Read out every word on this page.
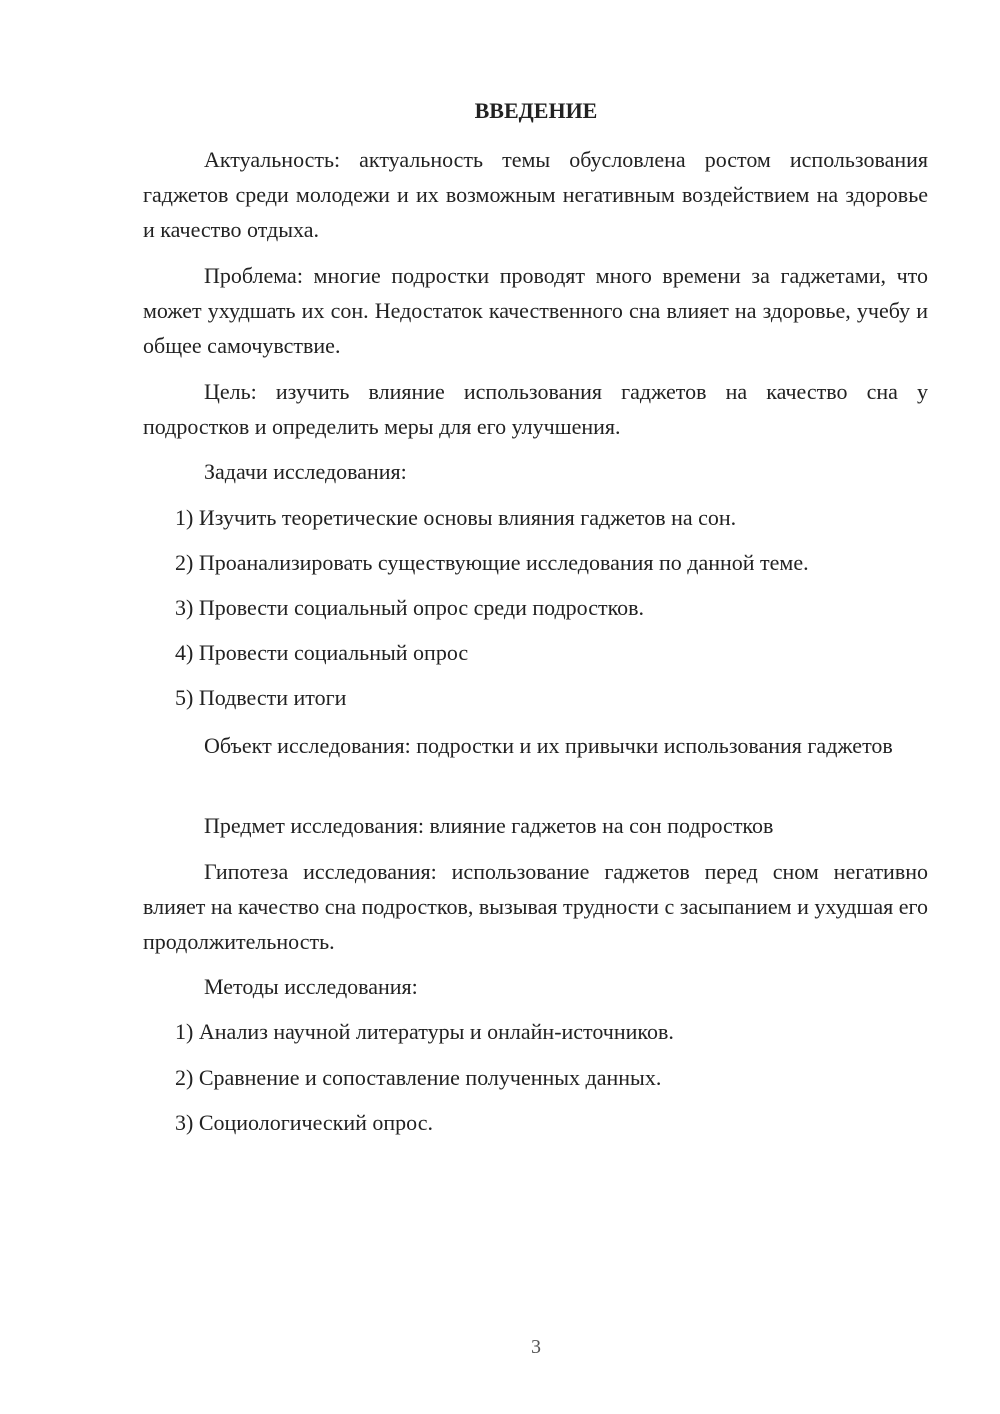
ВВЕДЕНИЕ

Актуальность: актуальность темы обусловлена ростом использования гаджетов среди молодежи и их возможным негативным воздействием на здоровье и качество отдыха.

Проблема: многие подростки проводят много времени за гаджетами, что может ухудшать их сон. Недостаток качественного сна влияет на здоровье, учебу и общее самочувствие.

Цель: изучить влияние использования гаджетов на качество сна у подростков и определить меры для его улучшения.

Задачи исследования:

1) Изучить теоретические основы влияния гаджетов на сон.

2) Проанализировать существующие исследования по данной теме.

3) Провести социальный опрос среди подростков.

4) Провести социальный опрос

5) Подвести итоги

Объект исследования: подростки и их привычки использования гаджетов

Предмет исследования: влияние гаджетов на сон подростков

Гипотеза исследования: использование гаджетов перед сном негативно влияет на качество сна подростков, вызывая трудности с засыпанием и ухудшая его продолжительность.

Методы исследования:

1) Анализ научной литературы и онлайн-источников.

2) Сравнение и сопоставление полученных данных.

3) Социологический опрос.

3
